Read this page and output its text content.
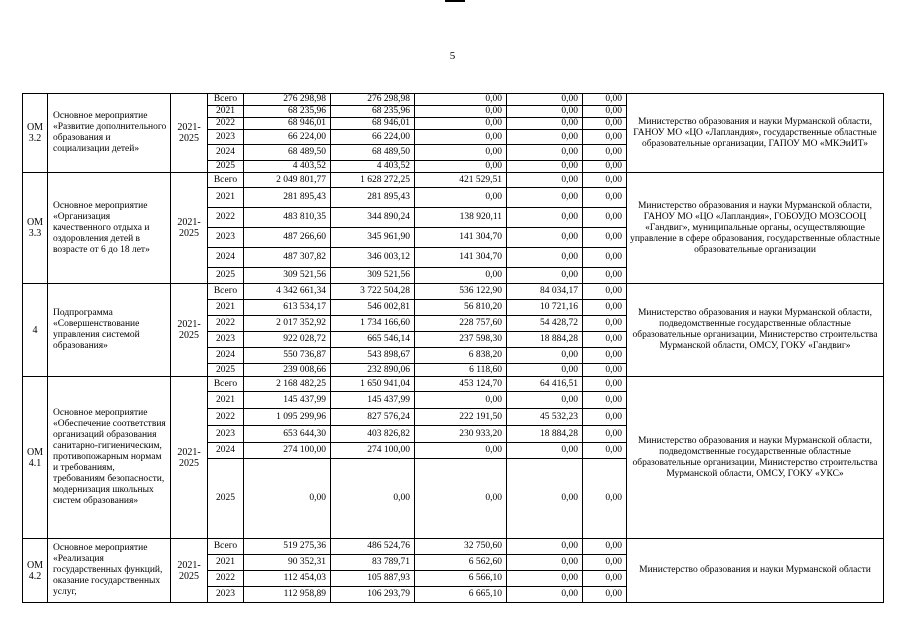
5
ОМ 3.2	Основное мероприятие «Развитие дополнительного образования и социализации детей»	2021-2025	Всего	276 298,98	276 298,98	0,00	0,00	0,00	Министерство образования и науки Мурманской области, ГАНОУ МО «ЦО «Лапландия», государственные областные образовательные организации, ГАПОУ МО «МКЭиИТ»
			2021	68 235,96	68 235,96	0,00	0,00	0,00	
			2022	68 946,01	68 946,01	0,00	0,00	0,00	
			2023	66 224,00	66 224,00	0,00	0,00	0,00	
			2024	68 489,50	68 489,50	0,00	0,00	0,00	
			2025	4 403,52	4 403,52	0,00	0,00	0,00	
ОМ 3.3	Основное мероприятие «Организация качественного отдыха и оздоровления детей в возрасте от 6 до 18 лет»	2021-2025	Всего	2 049 801,77	1 628 272,25	421 529,51	0,00	0,00	Министерство образования и науки Мурманской области, ГАНОУ МО «ЦО «Лапландия», ГОБОУДО МОЗСООЦ «Гандвиг», муниципальные органы, осуществляющие управление в сфере образования, государственные областные образовательные организации
			2021	281 895,43	281 895,43	0,00	0,00	0,00	
			2022	483 810,35	344 890,24	138 920,11	0,00	0,00	
			2023	487 266,60	345 961,90	141 304,70	0,00	0,00	
			2024	487 307,82	346 003,12	141 304,70	0,00	0,00	
			2025	309 521,56	309 521,56	0,00	0,00	0,00	
4	Подпрограмма «Совершенствование управления системой образования»	2021-2025	Всего	4 342 661,34	3 722 504,28	536 122,90	84 034,17	0,00	Министерство образования и науки Мурманской области, подведомственные государственные областные образовательные организации, Министерство строительства Мурманской области, ОМСУ, ГОКУ «Гандвиг»
			2021	613 534,17	546 002,81	56 810,20	10 721,16	0,00	
			2022	2 017 352,92	1 734 166,60	228 757,60	54 428,72	0,00	
			2023	922 028,72	665 546,14	237 598,30	18 884,28	0,00	
			2024	550 736,87	543 898,67	6 838,20	0,00	0,00	
			2025	239 008,66	232 890,06	6 118,60	0,00	0,00	
ОМ 4.1	Основное мероприятие «Обеспечение соответствия организаций образования санитарно-гигиеническим, противопожарным нормам и требованиям, требованиям безопасности, модернизация школьных систем образования»	2021-2025	Всего	2 168 482,25	1 650 941,04	453 124,70	64 416,51	0,00	Министерство образования и науки Мурманской области, подведомственные государственные областные образовательные организации, Министерство строительства Мурманской области, ОМСУ, ГОКУ «УКС»
			2021	145 437,99	145 437,99	0,00	0,00	0,00	
			2022	1 095 299,96	827 576,24	222 191,50	45 532,23	0,00	
			2023	653 644,30	403 826,82	230 933,20	18 884,28	0,00	
			2024	274 100,00	274 100,00	0,00	0,00	0,00	
			2025	0,00	0,00	0,00	0,00	0,00	
ОМ 4.2	Основное мероприятие «Реализация государственных функций, оказание государственных услуг,	2021-2025	Всего	519 275,36	486 524,76	32 750,60	0,00	0,00	Министерство образования и науки Мурманской области
			2021	90 352,31	83 789,71	6 562,60	0,00	0,00	
			2022	112 454,03	105 887,93	6 566,10	0,00	0,00	
			2023	112 958,89	106 293,79	6 665,10	0,00	0,00	
